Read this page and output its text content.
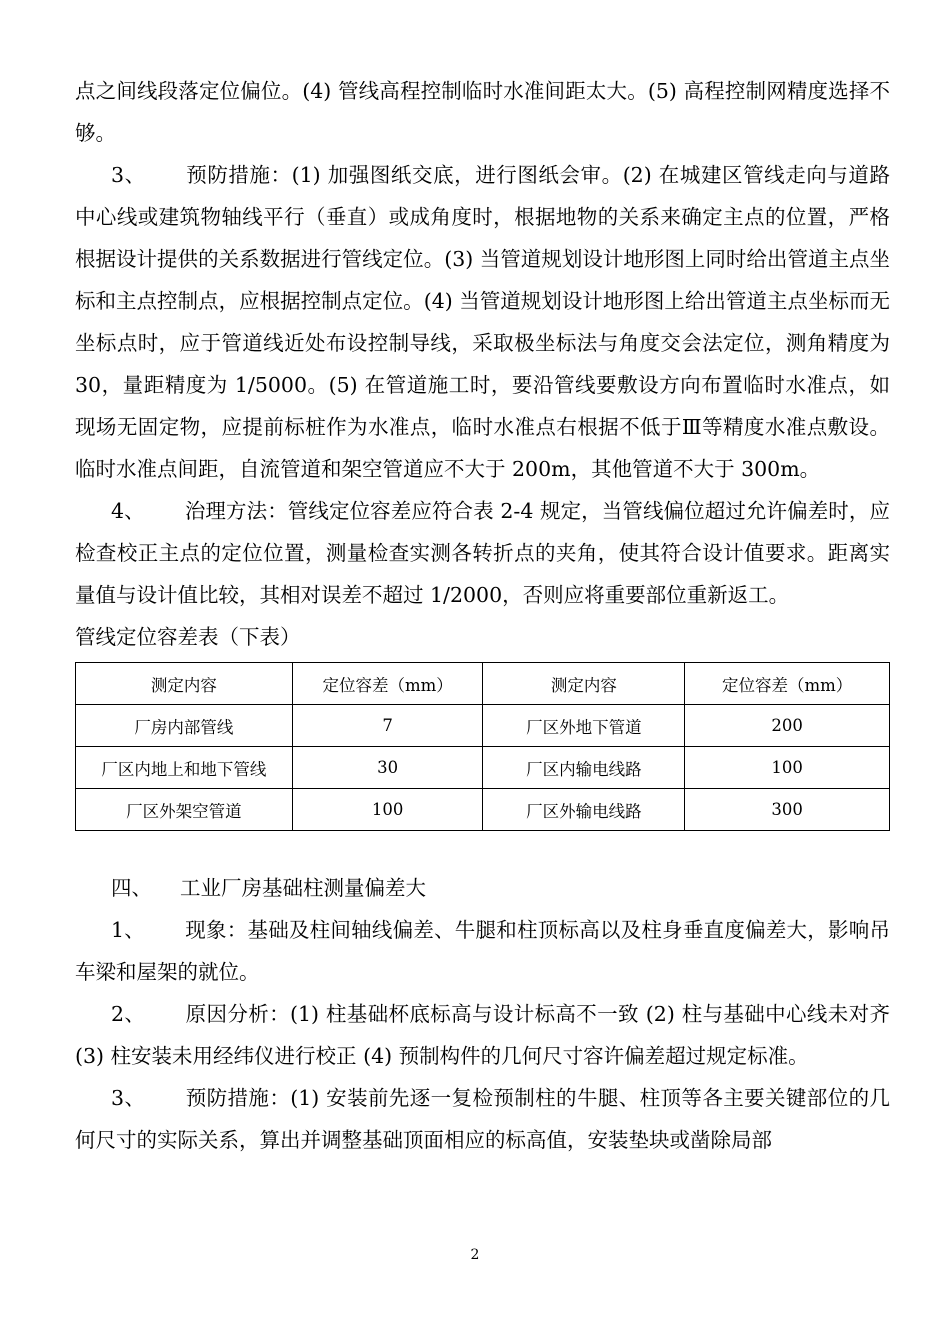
点之间线段落定位偏位。(4) 管线高程控制临时水准间距太大。(5) 高程控制网精度选择不够。

3、 预防措施：(1) 加强图纸交底，进行图纸会审。(2) 在城建区管线走向与道路中心线或建筑物轴线平行（垂直）或成角度时，根据地物的关系来确定主点的位置，严格根据设计提供的关系数据进行管线定位。(3) 当管道规划设计地形图上同时给出管道主点坐标和主点控制点，应根据控制点定位。(4) 当管道规划设计地形图上给出管道主点坐标而无坐标点时，应于管道线近处布设控制导线，采取极坐标法与角度交会法定位，测角精度为30，量距精度为 1/5000。(5) 在管道施工时，要沿管线要敷设方向布置临时水准点，如现场无固定物，应提前标桩作为水准点，临时水准点右根据不低于Ⅲ等精度水准点敷设。临时水准点间距，自流管道和架空管道应不大于 200m，其他管道不大于 300m。

4、 治理方法：管线定位容差应符合表 2-4 规定，当管线偏位超过允许偏差时，应检查校正主点的定位位置，测量检查实测各转折点的夹角，使其符合设计值要求。距离实量值与设计值比较，其相对误差不超过 1/2000，否则应将重要部位重新返工。

管线定位容差表（下表）

测定内容	定位容差（mm）	测定内容	定位容差（mm）
厂房内部管线	7	厂区外地下管道	200
厂区内地上和地下管线	30	厂区内输电线路	100
厂区外架空管道	100	厂区外输电线路	300

四、 工业厂房基础柱测量偏差大

1、 现象：基础及柱间轴线偏差、牛腿和柱顶标高以及柱身垂直度偏差大，影响吊车梁和屋架的就位。

2、 原因分析：(1) 柱基础杯底标高与设计标高不一致 (2) 柱与基础中心线未对齐 (3) 柱安装未用经纬仪进行校正 (4) 预制构件的几何尺寸容许偏差超过规定标准。

3、 预防措施：(1) 安装前先逐一复检预制柱的牛腿、柱顶等各主要关键部位的几何尺寸的实际关系，算出并调整基础顶面相应的标高值，安装垫块或凿除局部

2
